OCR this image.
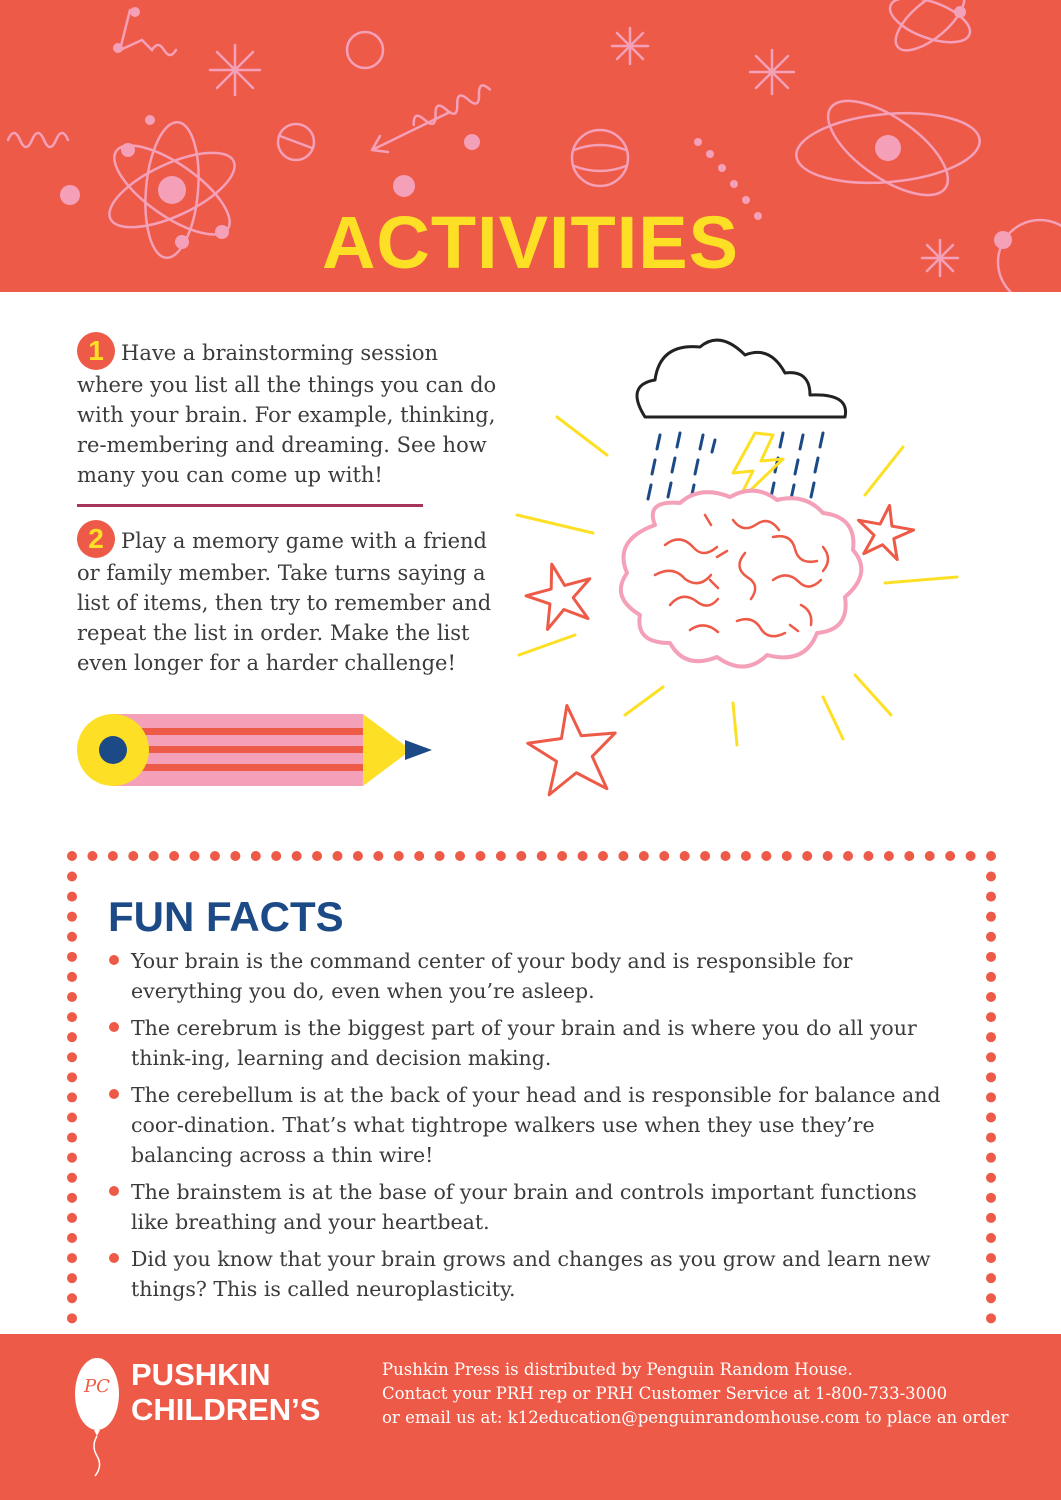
ACTIVITIES
1 Have a brainstorming session where you list all the things you can do with your brain. For example, thinking, re-membering and dreaming. See how many you can come up with!
2 Play a memory game with a friend or family member. Take turns saying a list of items, then try to remember and repeat the list in order. Make the list even longer for a harder challenge!
FUN FACTS
Your brain is the command center of your body and is responsible for everything you do, even when you’re asleep.
The cerebrum is the biggest part of your brain and is where you do all your think-ing, learning and decision making.
The cerebellum is at the back of your head and is responsible for balance and coor-dination. That’s what tightrope walkers use when they use they’re balancing across a thin wire!
The brainstem is at the base of your brain and controls important functions like breathing and your heartbeat.
Did you know that your brain grows and changes as you grow and learn new things? This is called neuroplasticity.
PC PUSHKIN
CHILDREN’S

Pushkin Press is distributed by Penguin Random House.
Contact your PRH rep or PRH Customer Service at 1-800-733-3000
or email us at: k12education@penguinrandomhouse.com to place an order
